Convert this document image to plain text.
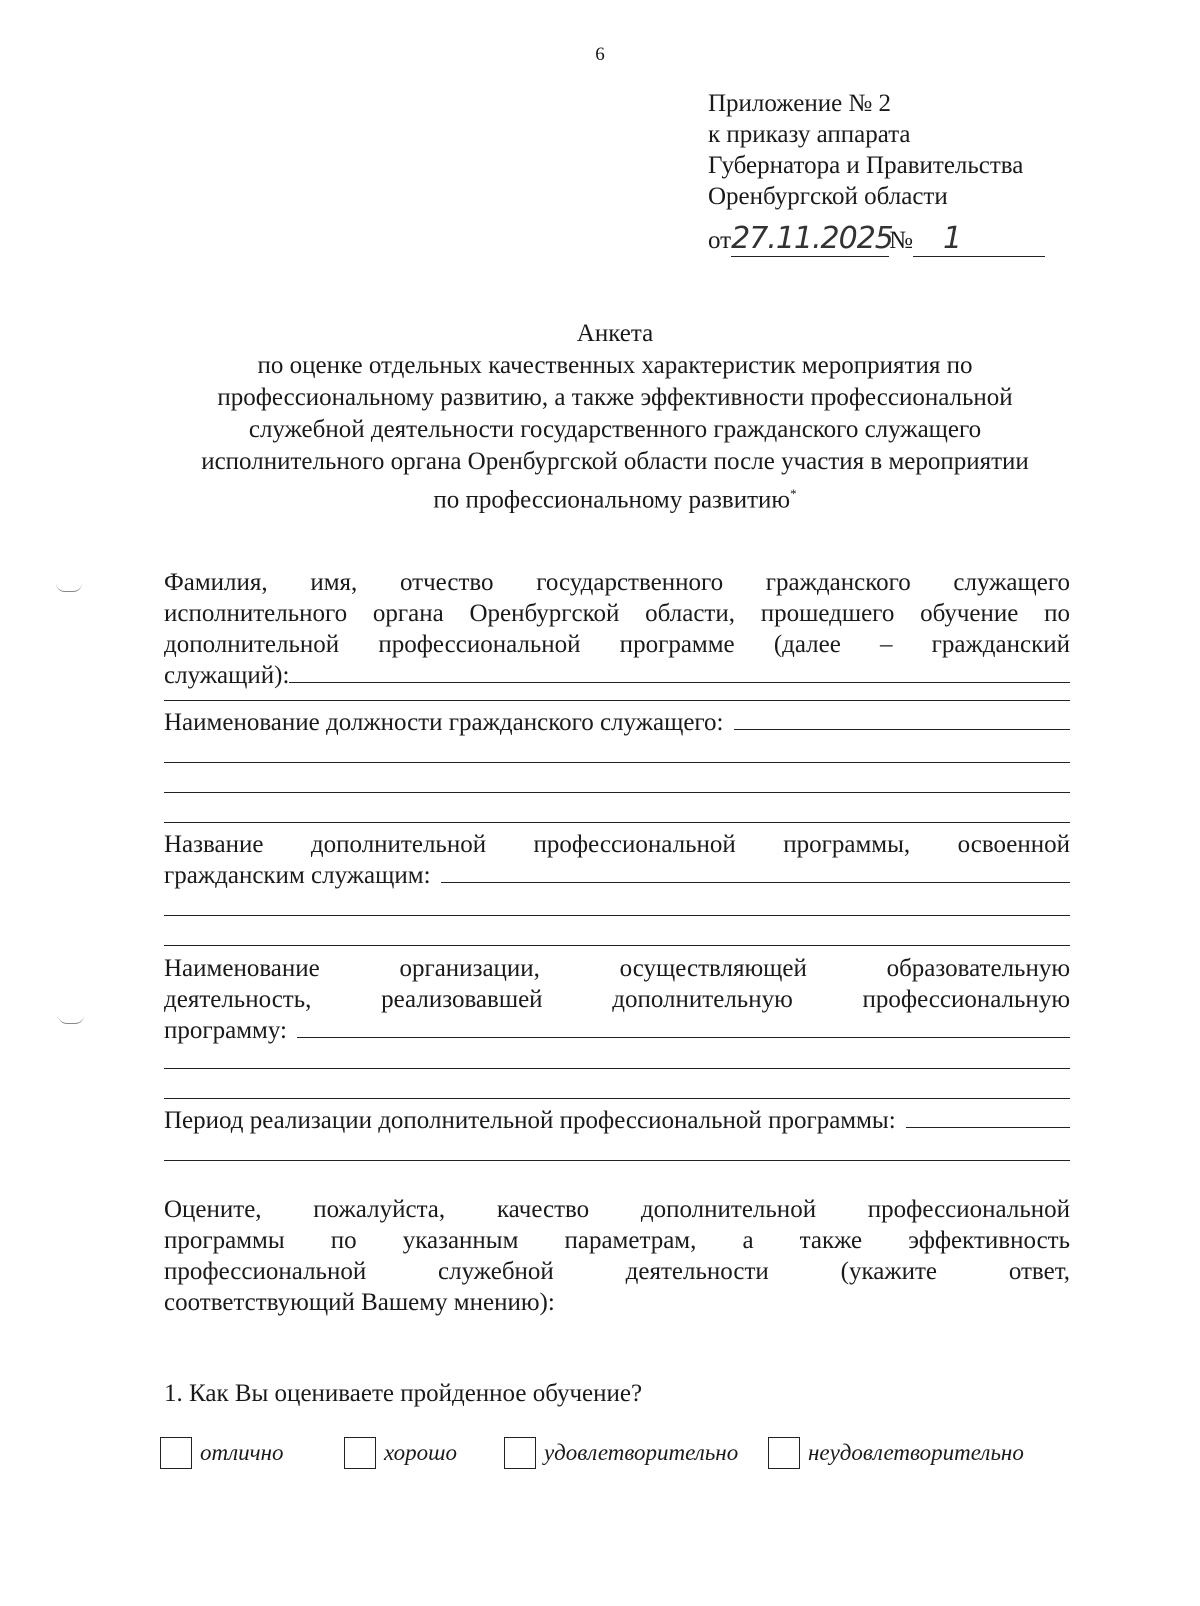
6
Приложение № 2
к приказу аппарата
Губернатора и Правительства
Оренбургской области
от27.11.2025№ 1
Анкета
по оценке отдельных качественных характеристик мероприятия по
профессиональному развитию, а также эффективности профессиональной
служебной деятельности государственного гражданского служащего
исполнительного органа Оренбургской области после участия в мероприятии
по профессиональному развитию*
Фамилия, имя, отчество государственного гражданского служащего
исполнительного органа Оренбургской области, прошедшего обучение по
дополнительной профессиональной программе (далее – гражданский
служащий):
Наименование должности гражданского служащего:
Название дополнительной профессиональной программы, освоенной
гражданским служащим:
Наименование организации, осуществляющей образовательную
деятельность, реализовавшей дополнительную профессиональную
программу:
Период реализации дополнительной профессиональной программы:
Оцените, пожалуйста, качество дополнительной профессиональной
программы по указанным параметрам, а также эффективность
профессиональной служебной деятельности (укажите ответ,
соответствующий Вашему мнению):
1. Как Вы оцениваете пройденное обучение?
отлично	хорошо	удовлетворительно	неудовлетворительно
